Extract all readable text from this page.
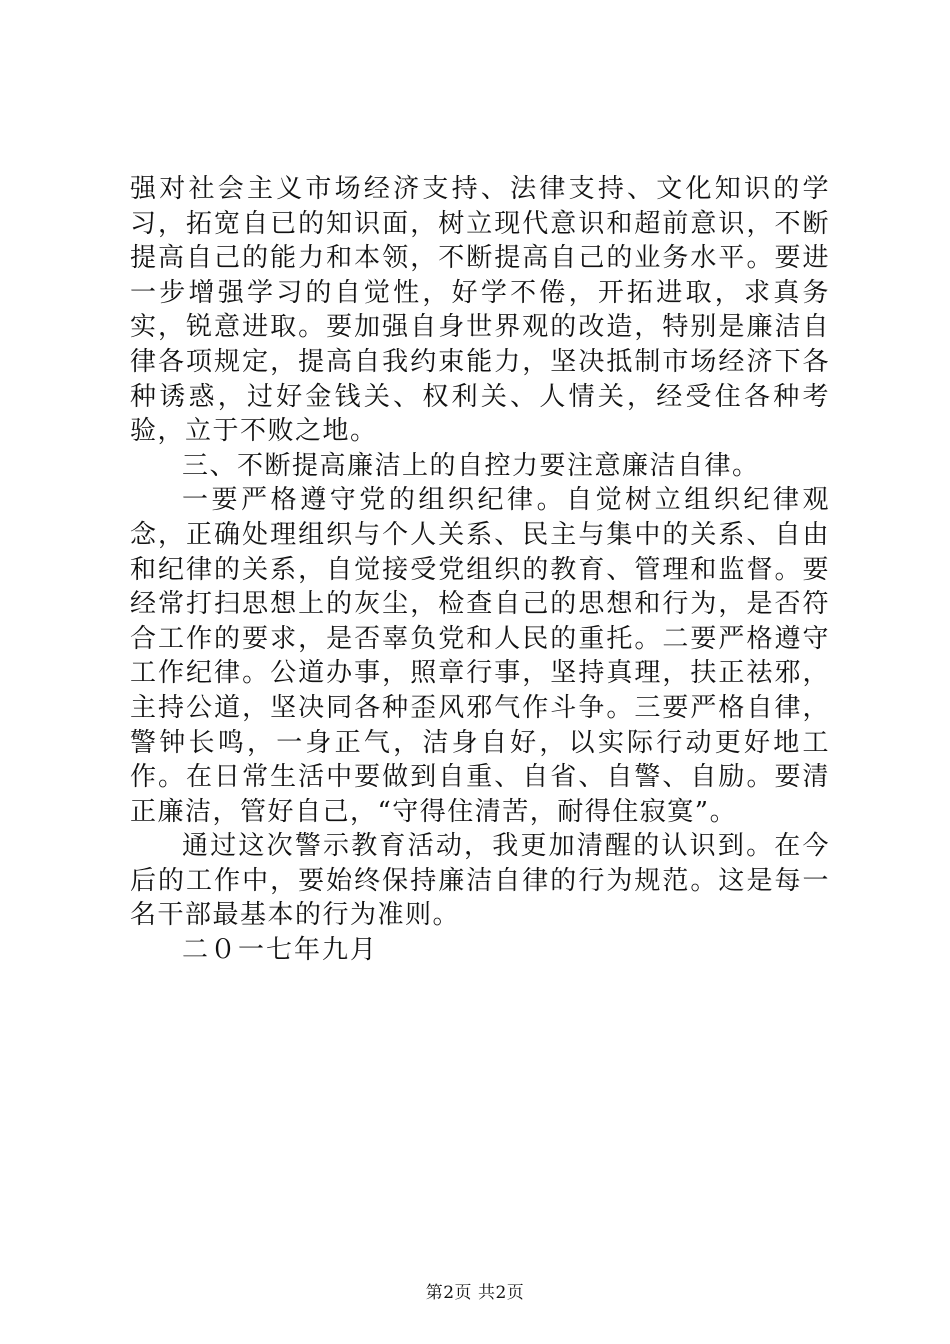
强对社会主义市场经济支持、法律支持、文化知识的学习，拓宽自已的知识面，树立现代意识和超前意识，不断提高自己的能力和本领，不断提高自己的业务水平。要进一步增强学习的自觉性，好学不倦，开拓进取，求真务实，锐意进取。要加强自身世界观的改造，特别是廉洁自律各项规定，提高自我约束能力，坚决抵制市场经济下各种诱惑，过好金钱关、权利关、人情关，经受住各种考验，立于不败之地。

三、不断提高廉洁上的自控力要注意廉洁自律。

一要严格遵守党的组织纪律。自觉树立组织纪律观念，正确处理组织与个人关系、民主与集中的关系、自由和纪律的关系，自觉接受党组织的教育、管理和监督。要经常打扫思想上的灰尘，检查自己的思想和行为，是否符合工作的要求，是否辜负党和人民的重托。二要严格遵守工作纪律。公道办事，照章行事，坚持真理，扶正祛邪，主持公道，坚决同各种歪风邪气作斗争。三要严格自律，警钟长鸣，一身正气，洁身自好，以实际行动更好地工作。在日常生活中要做到自重、自省、自警、自励。要清正廉洁，管好自己，“守得住清苦，耐得住寂寞”。

通过这次警示教育活动，我更加清醒的认识到。在今后的工作中，要始终保持廉洁自律的行为规范。这是每一名干部最基本的行为准则。

二０一七年九月

第2页 共2页
